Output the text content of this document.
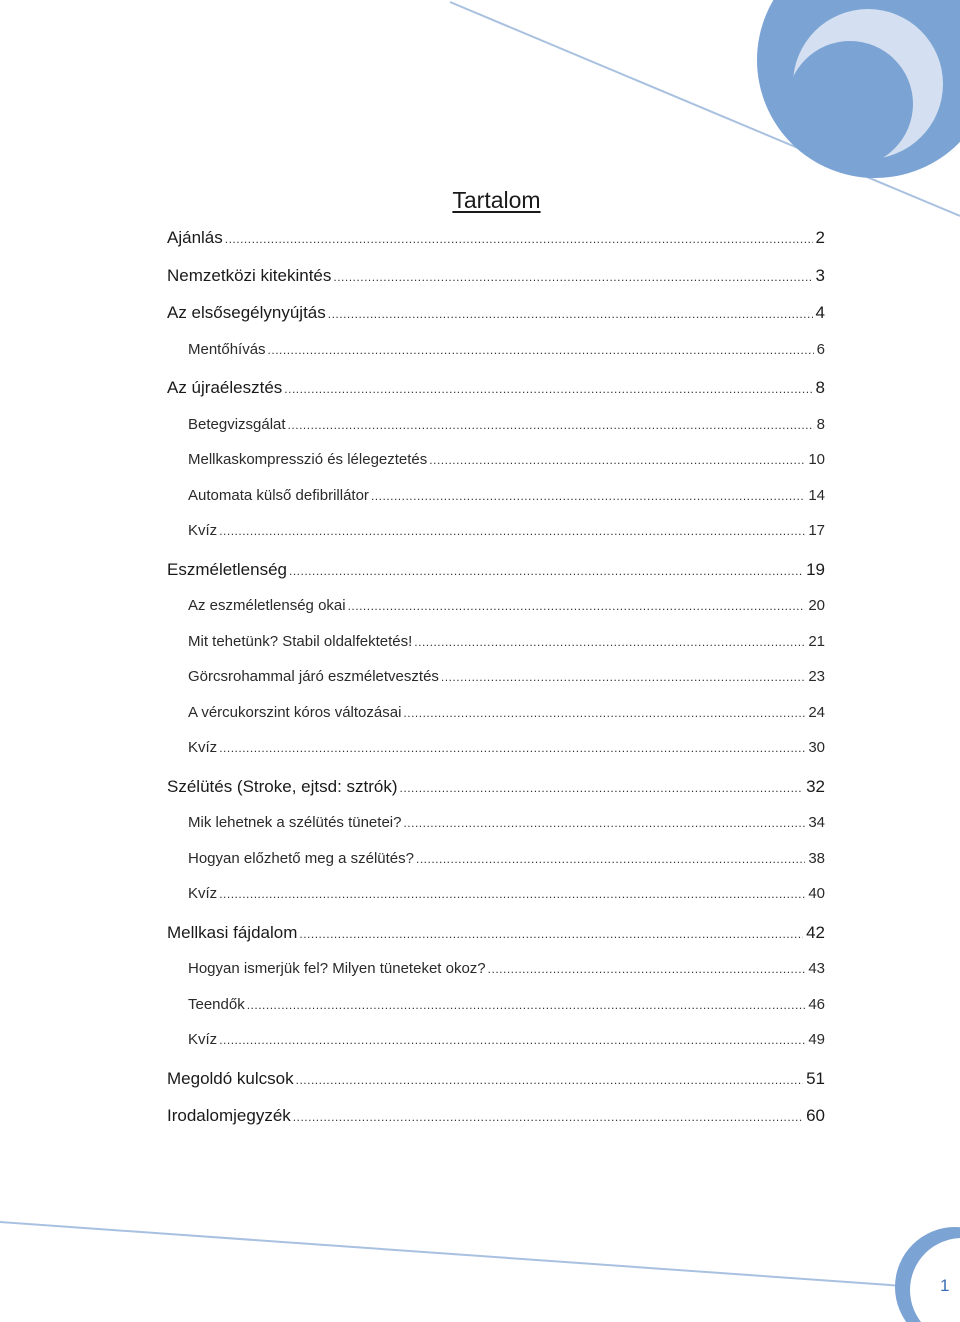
Tartalom
Ajánlás .....	2
Nemzetközi kitekintés .....	3
Az elsősegélynyújtás .....	4
Mentőhívás .....	6
Az újraélesztés .....	8
Betegvizsgálat .....	8
Mellkaskompresszió és lélegeztetés .....	10
Automata külső defibrillátor .....	14
Kvíz .....	17
Eszméletlenség .....	19
Az eszméletlenség okai .....	20
Mit tehetünk? Stabil oldalfektetés! .....	21
Görcsrohammal járó eszméletvesztés .....	23
A vércukorszint kóros változásai .....	24
Kvíz .....	30
Szélütés (Stroke, ejtsd: sztrók) .....	32
Mik lehetnek a szélütés tünetei? .....	34
Hogyan előzhető meg a szélütés? .....	38
Kvíz .....	40
Mellkasi fájdalom .....	42
Hogyan ismerjük fel? Milyen tüneteket okoz? .....	43
Teendők .....	46
Kvíz .....	49
Megoldó kulcsok .....	51
Irodalomjegyzék .....	60
1
